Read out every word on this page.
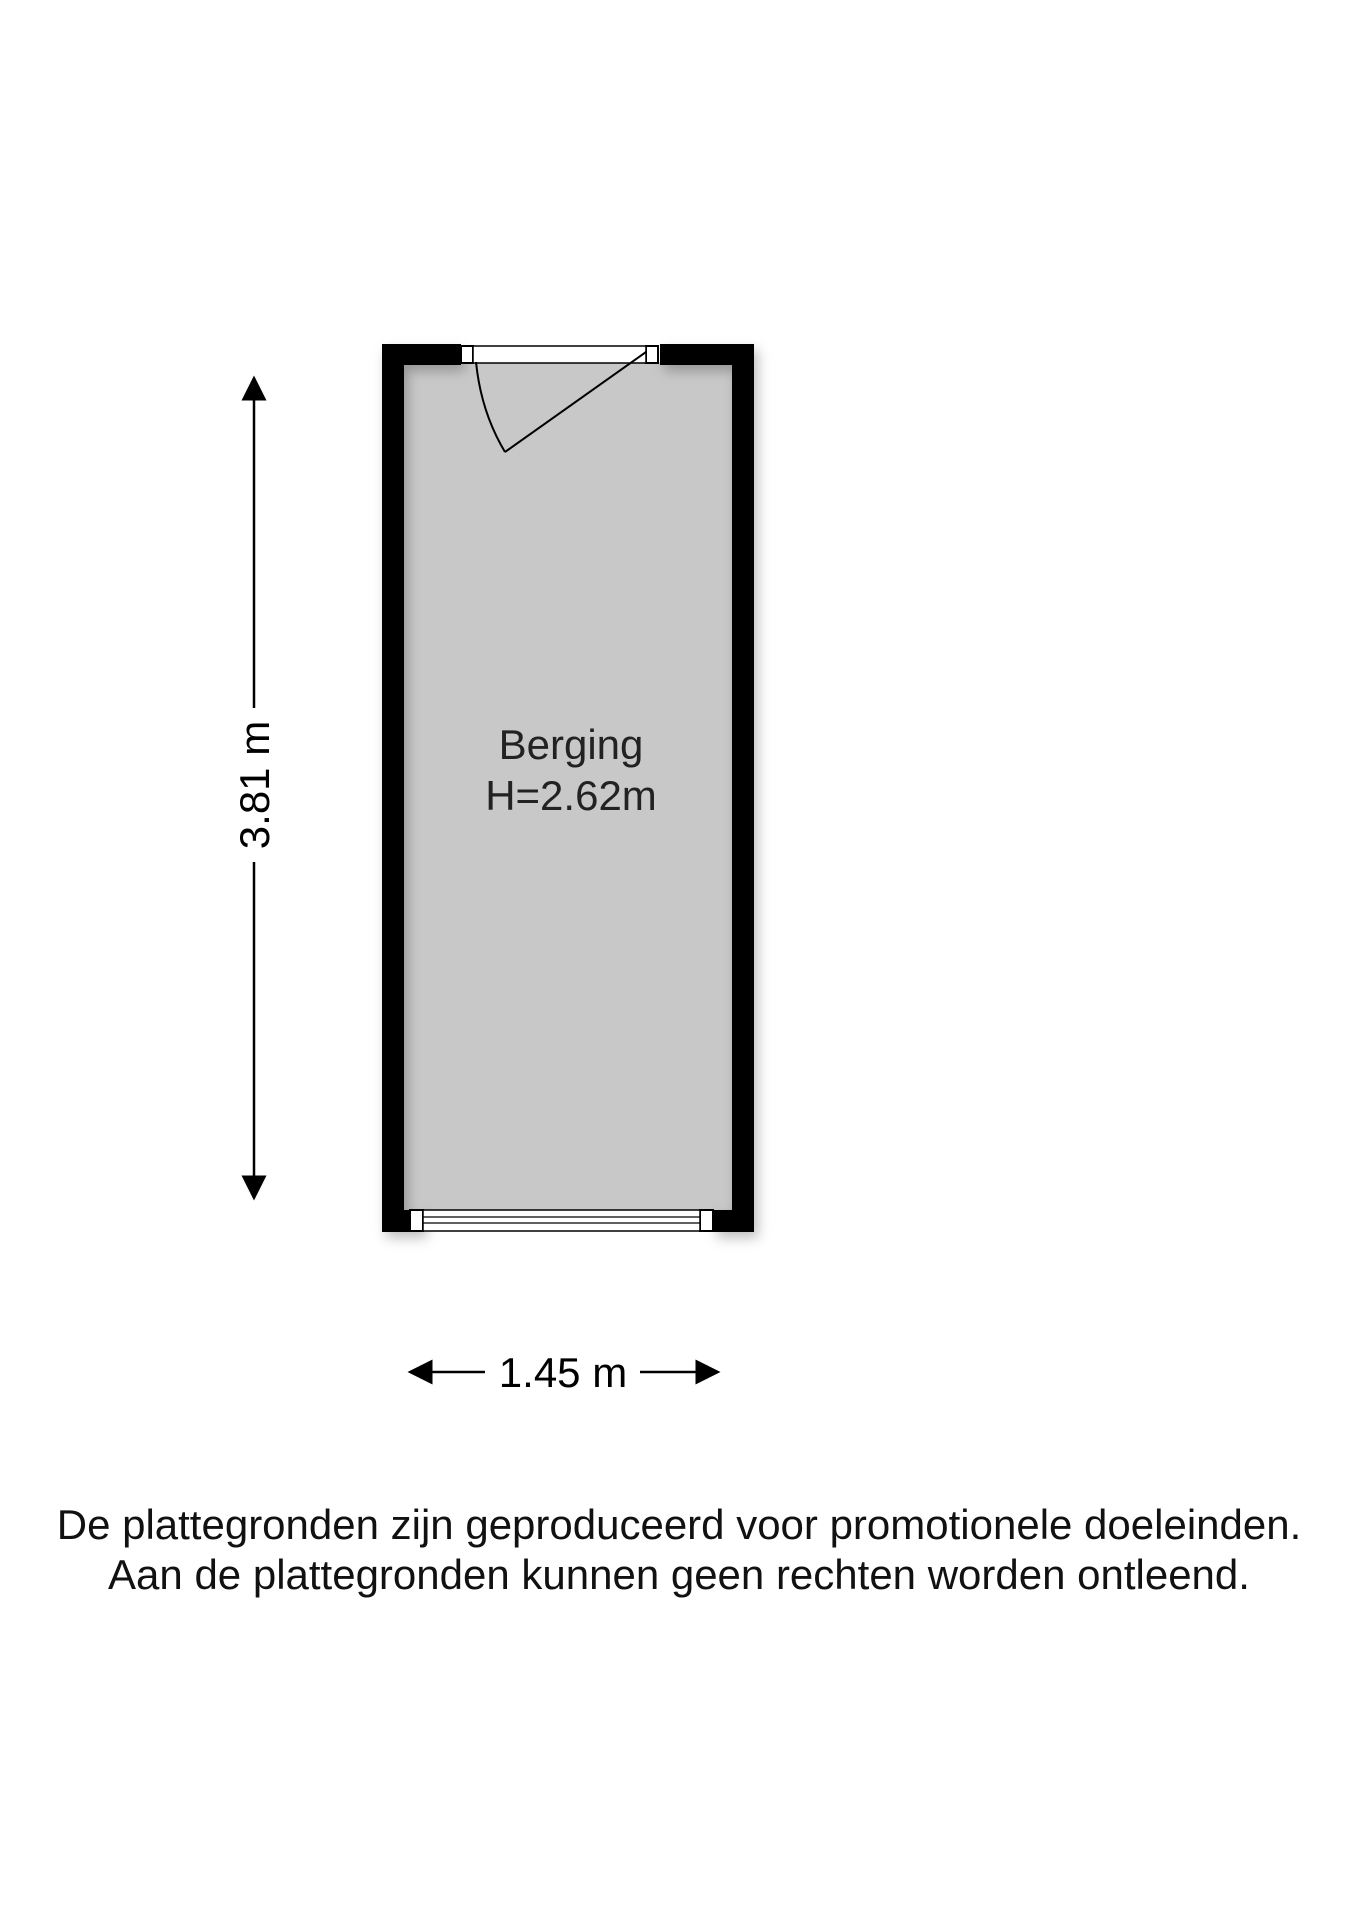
Berging
H=2.62m
3.81 m
1.45 m
De plattegronden zijn geproduceerd voor promotionele doeleinden.
Aan de plattegronden kunnen geen rechten worden ontleend.
